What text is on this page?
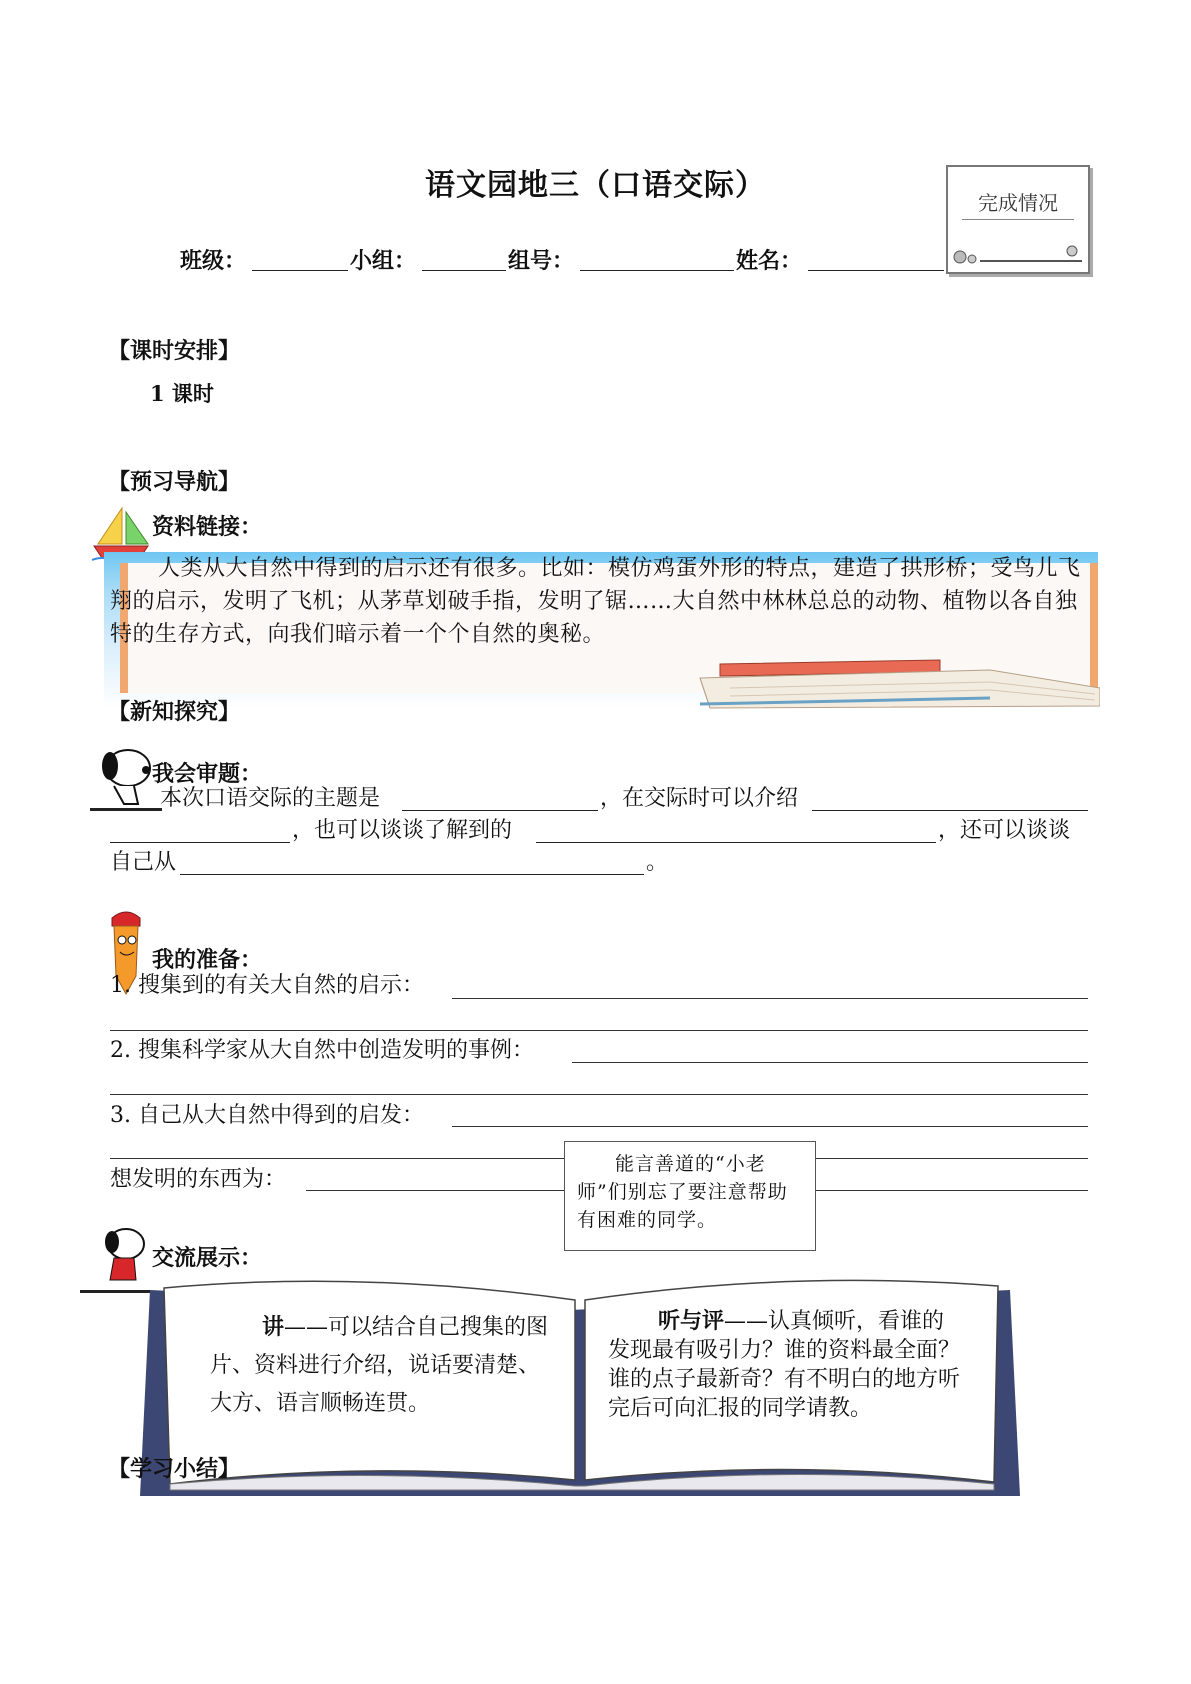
语文园地三（口语交际）	完成情况
班级：	小组：	组号：	姓名：
【课时安排】
1 课时
【预习导航】
资料链接：
人类从大自然中得到的启示还有很多。比如：模仿鸡蛋外形的特点，建造了拱形桥；受鸟儿飞翔的启示，发明了飞机；从茅草划破手指，发明了锯……大自然中林林总总的动物、植物以各自独特的生存方式，向我们暗示着一个个自然的奥秘。
【新知探究】
我会审题：
本次口语交际的主题是	，在交际时可以介绍
，也可以谈谈了解到的	，还可以谈谈
自己从	。
我的准备：
1. 搜集到的有关大自然的启示：
2. 搜集科学家从大自然中创造发明的事例：
3. 自己从大自然中得到的启发：
想发明的东西为：
能言善道的“小老师”们别忘了要注意帮助有困难的同学。
交流展示：
讲——可以结合自己搜集的图片、资料进行介绍，说话要清楚、大方、语言顺畅连贯。
听与评——认真倾听，看谁的发现最有吸引力？谁的资料最全面？谁的点子最新奇？有不明白的地方听完后可向汇报的同学请教。
【学习小结】
